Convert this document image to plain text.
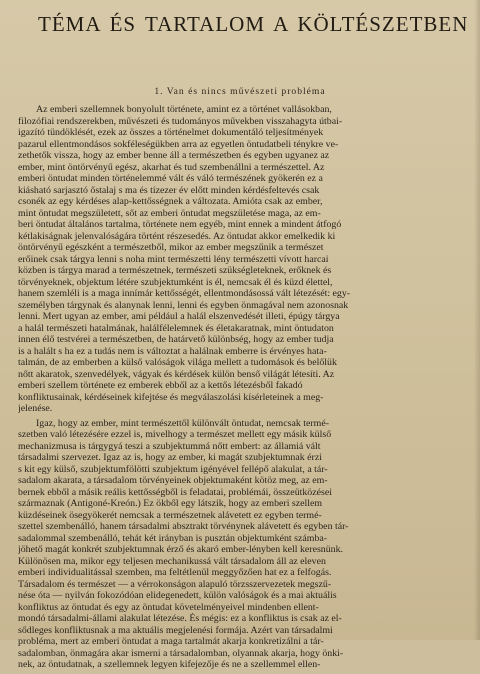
TÉMA ÉS TARTALOM A KÖLTÉSZETBEN
1. Van és nincs művészeti probléma
Az emberi szellemnek bonyolult története, amint ez a történet vallásokban,
filozófiai rendszerekben, művészeti és tudományos művekben visszahagyta útbai-
igazító tündöklését, ezek az összes a történelmet dokumentáló teljesítmények
pazarul ellentmondásos sokféleségükben arra az egyetlen öntudatbeli ténykre ve-
zethetők vissza, hogy az ember benne áll a természetben és egyben ugyanez az
ember, mint öntörvényű egész, akarhat és tud szembenállni a természettel. Az
emberi öntudat minden történelemmé vált és váló természének gyökerén ez a
kiásható sarjasztó őstalaj s ma és tízezer év előtt minden kérdésfeltevés csak
csonék az egy kérdéses alap-kettősségnek a változata. Amióta csak az ember,
mint öntudat megszületett, sőt az emberi öntudat megszületése maga, az em-
beri öntudat általános tartalma, története nem egyéb, mint ennek a mindent átfogó
kétlakiságnak jelenvalóságára történt részesedés. Az öntudat akkor emelkedik ki
öntörvényű egészként a természetből, mikor az ember megszűnik a természet
erőinek csak tárgya lenni s noha mint természetti lény természetti vívott harcai
közben is tárgya marad a természetnek, természeti szükségleteknek, erőknek és
törvényeknek, objektum létére szubjektumként is él, nemcsak él és küzd élettel,
hanem szemléli is a maga innímár kettősségét, ellentmondásossá vált létezését: egy-
személyben tárgynak és alanynak lenni, lenni és egyben önmagával nem azonosnak
lenni. Mert ugyan az ember, ami például a halál elszenvedését illeti, épúgy tárgya
a halál természeti hatalmának, halálfélelemnek és életakaratnak, mint öntudaton
innen élő testvérei a természetben, de határvető különbség, hogy az ember tudja
is a halált s ha ez a tudás nem is változtat a halálnak emberre is érvényes hata-
talmán, de az emberben a külső valóságok világa mellett a tudomások és belőlük
nőtt akaratok, szenvedélyek, vágyak és kérdések külön benső világát létesíti. Az
emberi szellem története ez emberek ebből az a kettős létezésből fakadó
konfliktusainak, kérdéseinek kifejtése és megválaszolási kísérleteinek a meg-
jelenése.
Igaz, hogy az ember, mint természettől különvált öntudat, nemcsak termé-
szetben való létezésére ezzel is, mivelhogy a természet mellett egy másik külső
mechanizmusa is tárgygyá teszi a szubjektummá nőtt embert: az államiá vált
társadalmi szervezet. Igaz az is, hogy az ember, ki magát szubjektumnak érzi
s kit egy külső, szubjektumfölötti szubjektum igényével fellépő alakulat, a tár-
sadalom akarata, a társadalom törvényeinek objektumaként kötöz meg, az em-
bernek ebből a másik reális kettősségből is feladatai, problémái, összeütközései
származnak (Antigoné-Kreón.) Ez ökből egy látszik, hogy az emberi szellem
küzdéseinek ösegyökerét nemcsak a természetnek alávetett ez egyben termé-
szettel szembenálló, hanem társadalmi absztrakt törvénynek alávetett és egyben tár-
sadalommal szembenálló, tehát két irányban is pusztán objektumként számba-
jöhető magát konkrét szubjektumnak érző és akaró ember-lényben kell keresnünk.
Különösen ma, mikor egy teljesen mechanikussá vált társadalom áll az eleven
emberi individualitással szemben, ma feltétlenül meggyőzően hat ez a felfogás.
Társadalom és természet — a vérrokonságon alapuló törzsszervezetek megszű-
nése óta — nyilván fokozódóan elidegenedett, külön valóságok és a mai aktuális
konfliktus az öntudat és egy az öntudat követelményeivel mindenben ellent-
mondó társadalmi-állami alakulat létezése. És mégis: ez a konfliktus is csak az el-
sődleges konfliktusnak a ma aktuális megjelenési formája. Azért van társadalmi
probléma, mert az emberi öntudat a maga tartalmát akarja konkretizálni a tár-
sadalomban, önmagára akar ismerni a társadalomban, olyannak akarja, hogy önki-
nek, az öntudatnak, a szellemnek legyen kifejezője és ne a szellemmel ellen-
